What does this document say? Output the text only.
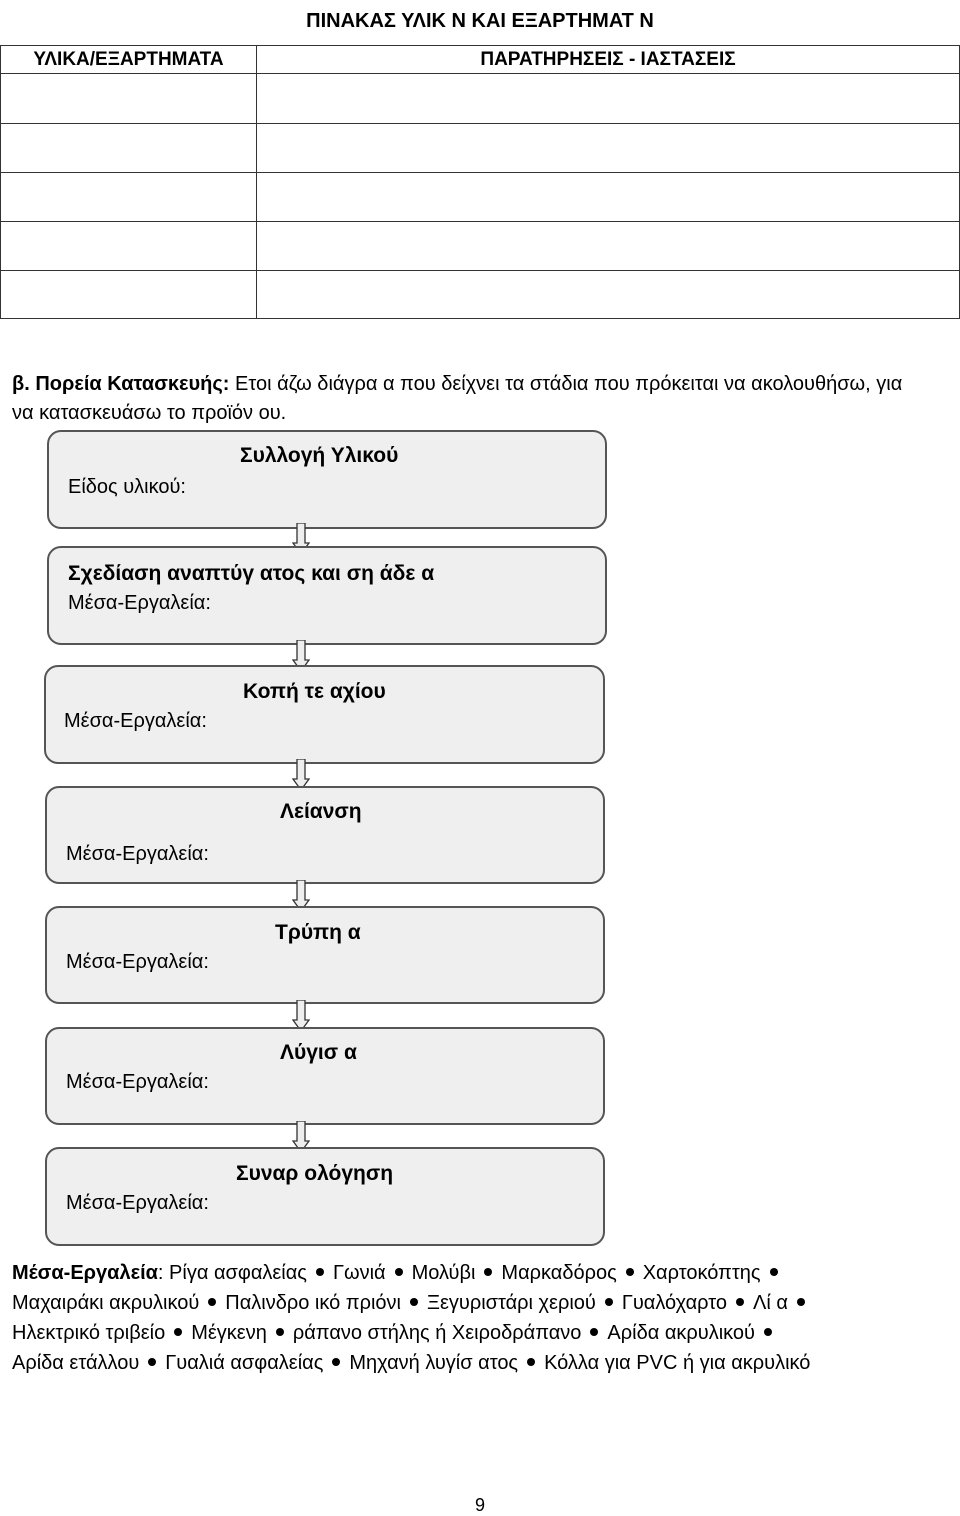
ΠΙΝΑΚΑΣ ΥΛΙΚ Ν ΚΑΙ ΕΞΑΡΤΗΜΑΤ Ν
ΥΛΙΚΑ/ΕΞΑΡΤΗΜΑΤΑ	ΠΑΡΑΤΗΡΗΣΕΙΣ - ΙΑΣΤΑΣΕΙΣ
β. Πορεία Κατασκευής: Ετοι άζω διάγρα α που δείχνει τα στάδια που πρόκειται να ακολουθήσω, για να κατασκευάσω το προϊόν ου.
Συλλογή Υλικού
Είδος υλικού:
Σχεδίαση αναπτύγ ατος και ση άδε α
Μέσα-Εργαλεία:
Κοπή τε αχίου
Μέσα-Εργαλεία:
Λείανση
Μέσα-Εργαλεία:
Τρύπη α
Μέσα-Εργαλεία:
Λύγισ α
Μέσα-Εργαλεία:
Συναρ ολόγηση
Μέσα-Εργαλεία:
Μέσα-Εργαλεία: Ρίγα ασφαλείας Γωνιά Μολύβι Μαρκαδόρος Χαρτοκόπτης
Μαχαιράκι ακρυλικού Παλινδρο ικό πριόνι Ξεγυριστάρι χεριού Γυαλόχαρτο Λί α
Ηλεκτρικό τριβείο Μέγκενη ράπανο στήλης ή Χειροδράπανο Αρίδα ακρυλικού
Αρίδα ετάλλου Γυαλιά ασφαλείας Μηχανή λυγίσ ατος Κόλλα για PVC ή για ακρυλικό
9
